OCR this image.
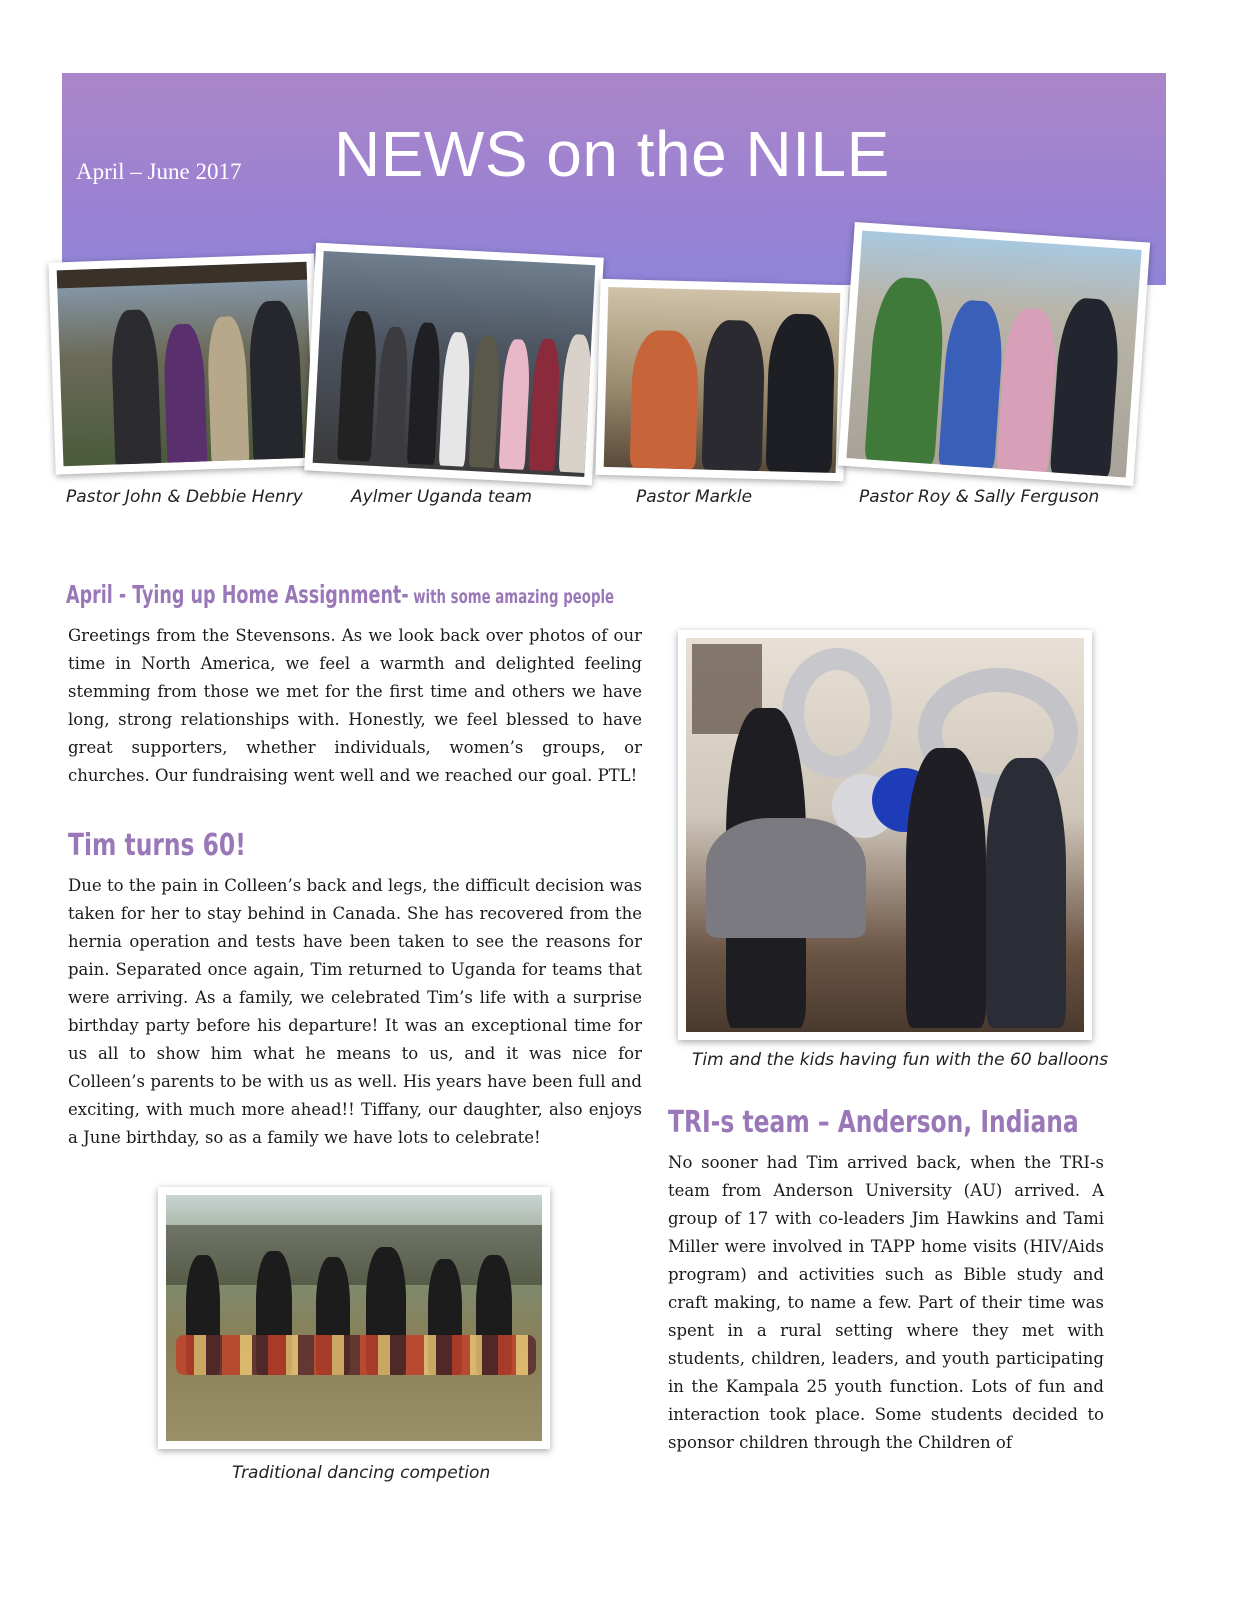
April – June 2017 NEWS on the NILE
Pastor John & Debbie Henry	Aylmer Uganda team	Pastor Markle	Pastor Roy & Sally Ferguson
April - Tying up Home Assignment- with some amazing people
Greetings from the Stevensons. As we look back over photos of our time in North America, we feel a warmth and delighted feeling stemming from those we met for the first time and others we have long, strong relationships with. Honestly, we feel blessed to have great supporters, whether individuals, women’s groups, or churches. Our fundraising went well and we reached our goal. PTL!
Tim turns 60!
Due to the pain in Colleen’s back and legs, the difficult decision was taken for her to stay behind in Canada. She has recovered from the hernia operation and tests have been taken to see the reasons for pain. Separated once again, Tim returned to Uganda for teams that were arriving. As a family, we celebrated Tim’s life with a surprise birthday party before his departure! It was an exceptional time for us all to show him what he means to us, and it was nice for Colleen’s parents to be with us as well. His years have been full and exciting, with much more ahead!! Tiffany, our daughter, also enjoys a June birthday, so as a family we have lots to celebrate!
Tim and the kids having fun with the 60 balloons
TRI-s team – Anderson, Indiana
No sooner had Tim arrived back, when the TRI-s team from Anderson University (AU) arrived. A group of 17 with co-leaders Jim Hawkins and Tami Miller were involved in TAPP home visits (HIV/Aids program) and activities such as Bible study and craft making, to name a few. Part of their time was spent in a rural setting where they met with students, children, leaders, and youth participating in the Kampala 25 youth function. Lots of fun and interaction took place. Some students decided to sponsor children through the Children of
Traditional dancing competion
